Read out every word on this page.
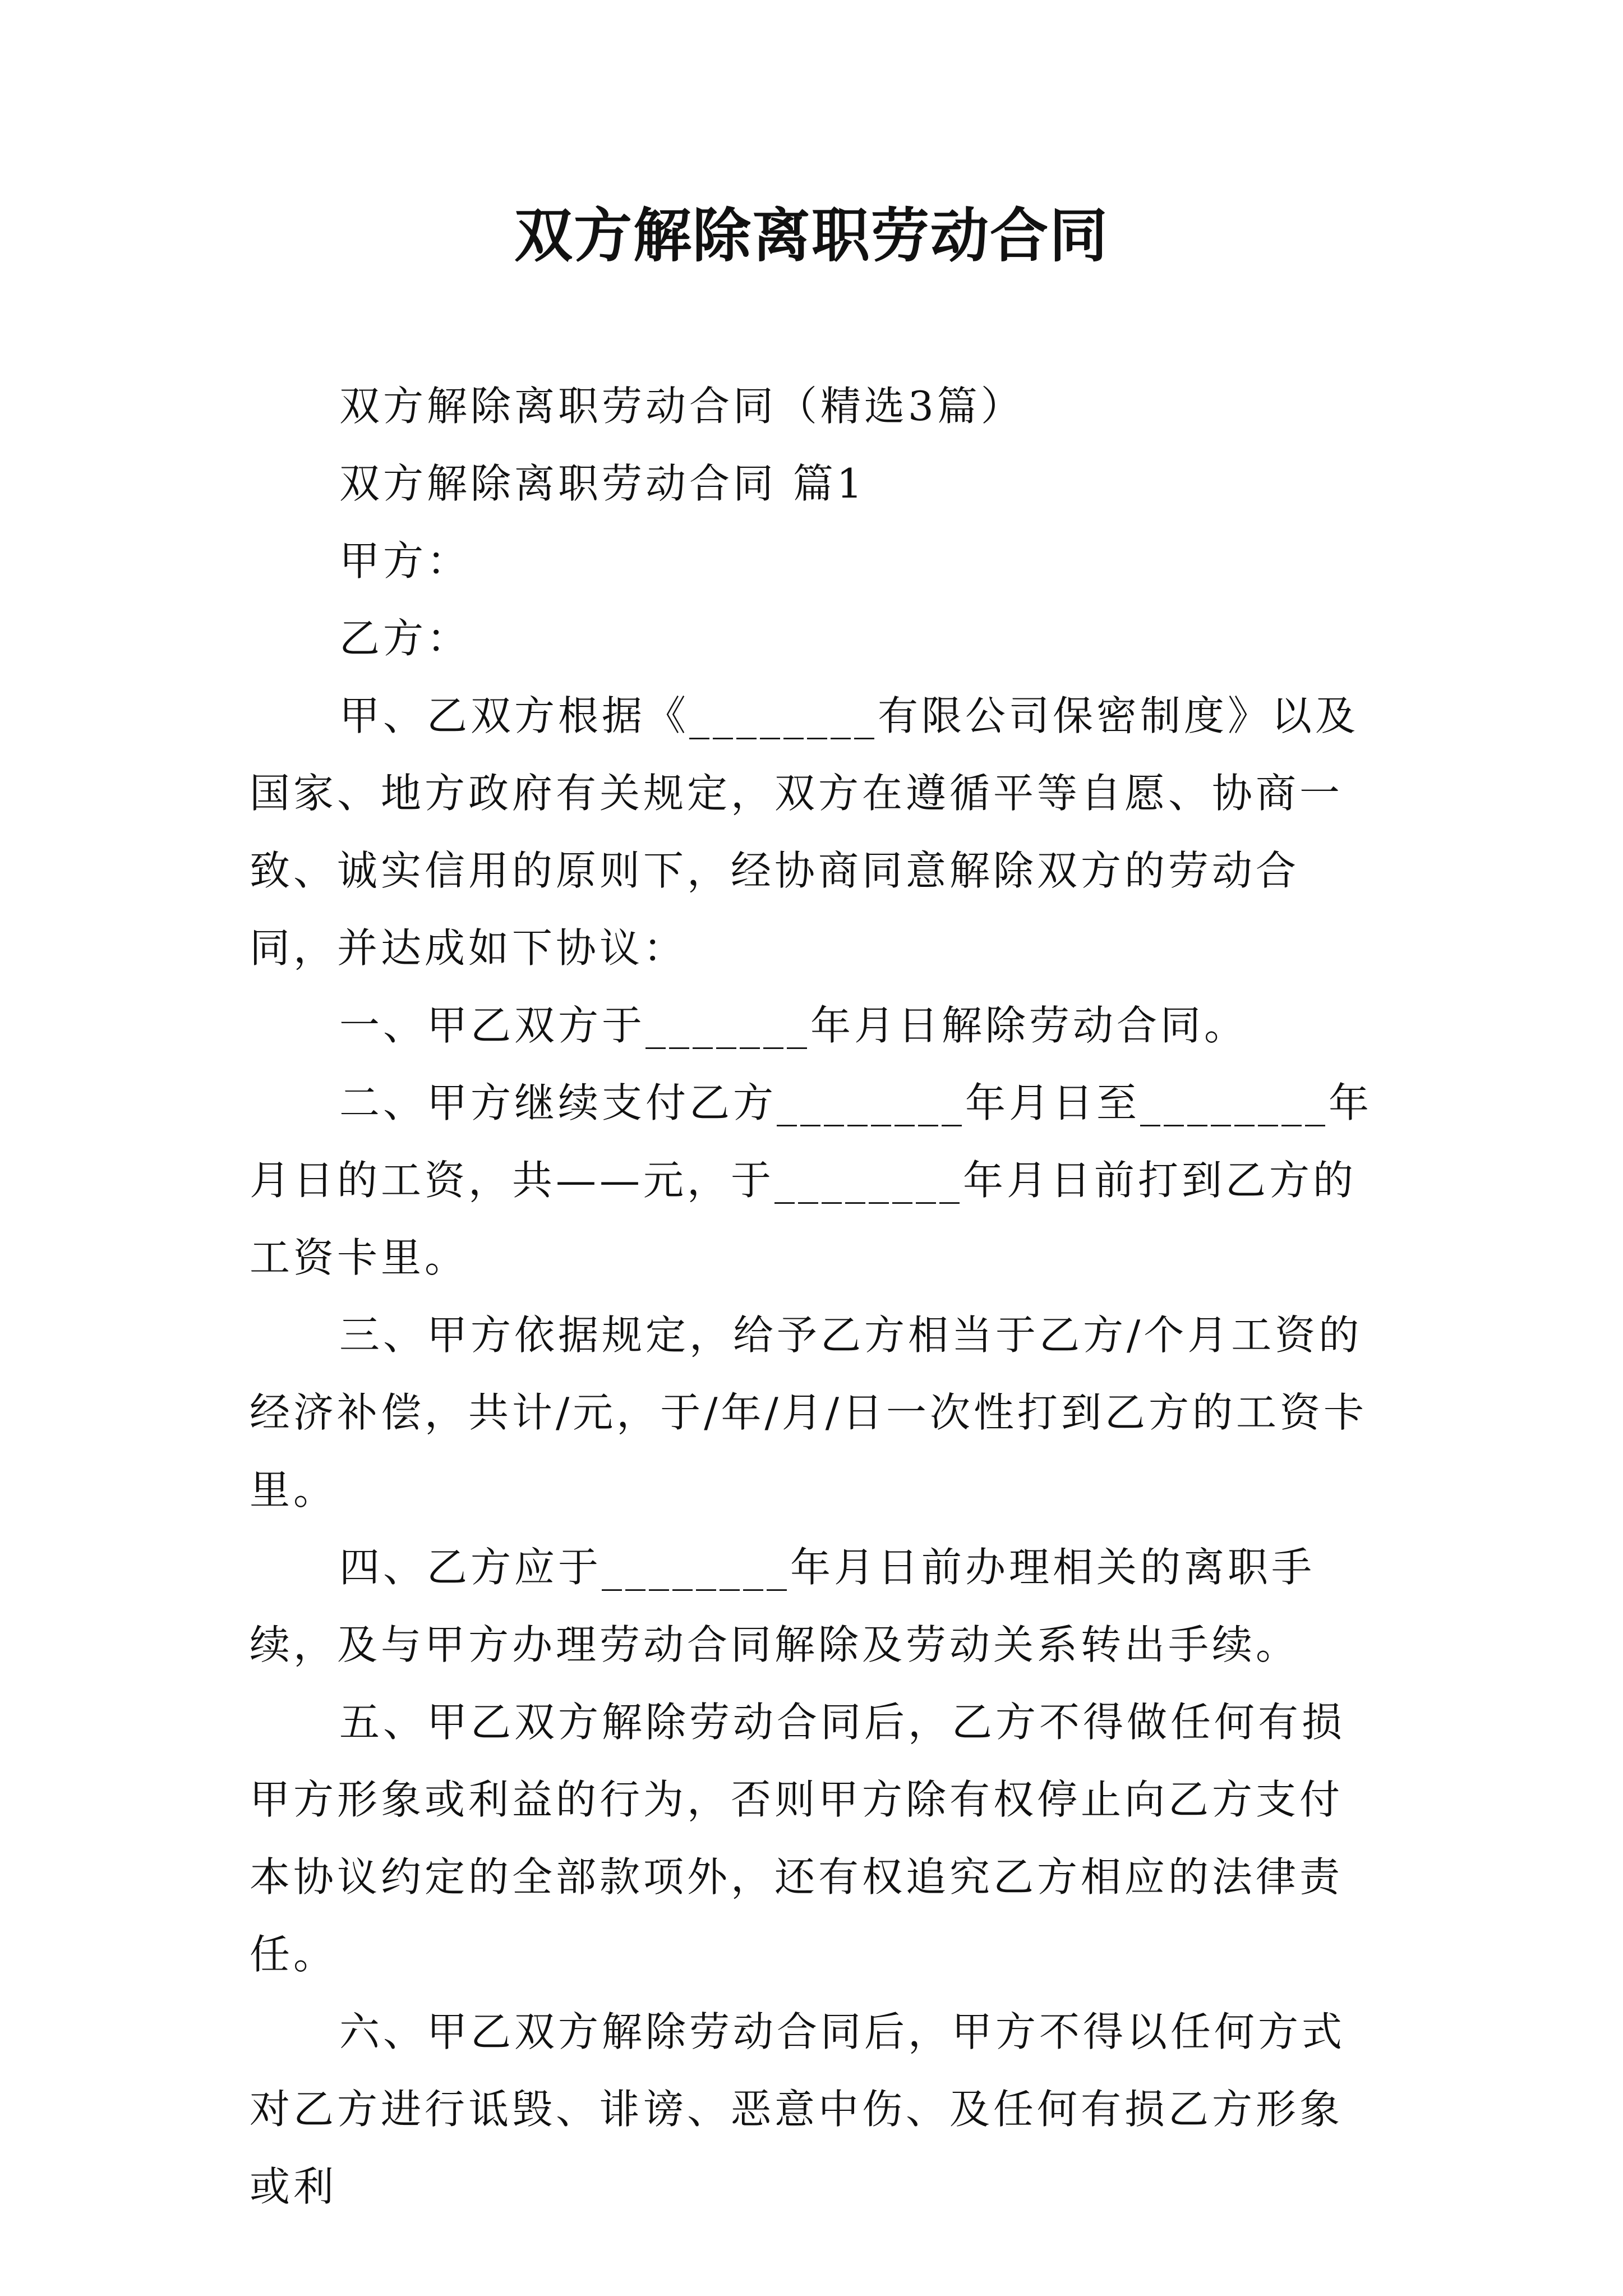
双方解除离职劳动合同

双方解除离职劳动合同（精选3篇）

双方解除离职劳动合同 篇1

甲方：

乙方：

甲、乙双方根据《________有限公司保密制度》以及国家、地方政府有关规定，双方在遵循平等自愿、协商一致、诚实信用的原则下，经协商同意解除双方的劳动合同，并达成如下协议：

一、甲乙双方于_______年月日解除劳动合同。

二、甲方继续支付乙方________年月日至________年月日的工资，共——元，于________年月日前打到乙方的工资卡里。

三、甲方依据规定，给予乙方相当于乙方/个月工资的经济补偿，共计/元，于/年/月/日一次性打到乙方的工资卡里。

四、乙方应于________年月日前办理相关的离职手续，及与甲方办理劳动合同解除及劳动关系转出手续。

五、甲乙双方解除劳动合同后，乙方不得做任何有损甲方形象或利益的行为，否则甲方除有权停止向乙方支付本协议约定的全部款项外，还有权追究乙方相应的法律责任。

六、甲乙双方解除劳动合同后，甲方不得以任何方式对乙方进行诋毁、诽谤、恶意中伤、及任何有损乙方形象或利
